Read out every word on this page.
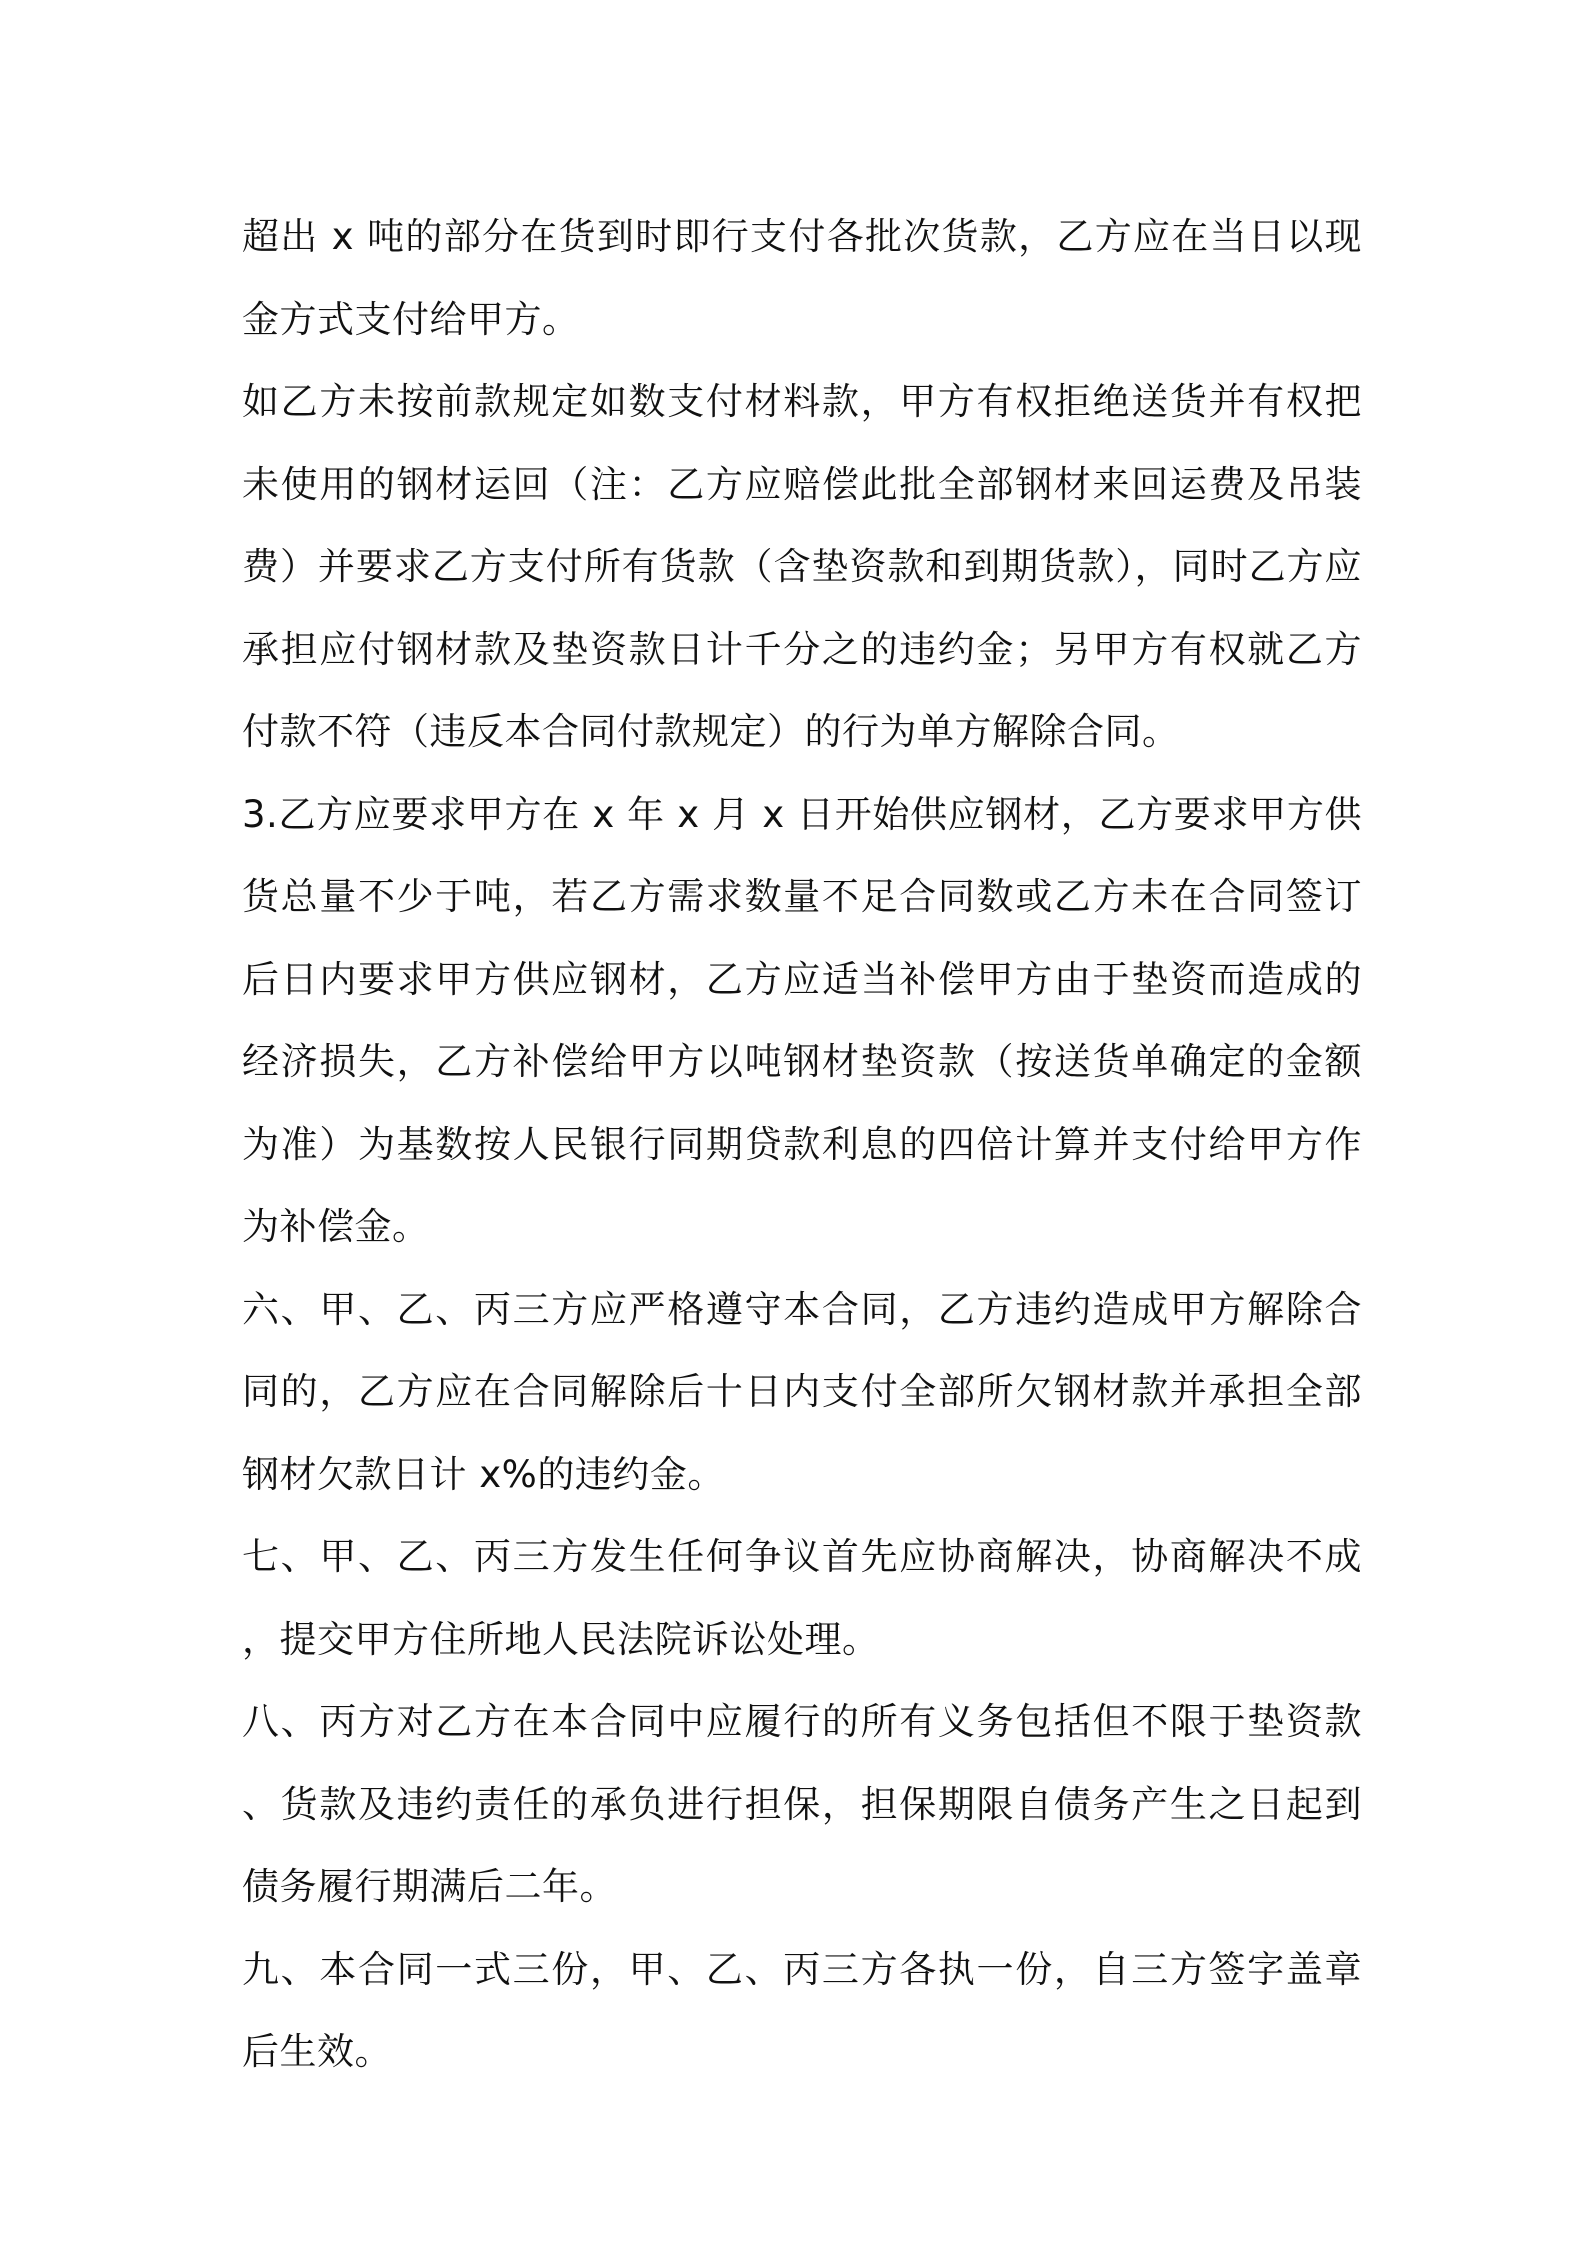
超出 x 吨的部分在货到时即行支付各批次货款，乙方应在当日以现金方式支付给甲方。

如乙方未按前款规定如数支付材料款，甲方有权拒绝送货并有权把未使用的钢材运回（注：乙方应赔偿此批全部钢材来回运费及吊装费）并要求乙方支付所有货款（含垫资款和到期货款），同时乙方应承担应付钢材款及垫资款日计千分之的违约金；另甲方有权就乙方付款不符（违反本合同付款规定）的行为单方解除合同。

3.乙方应要求甲方在 x 年 x 月 x 日开始供应钢材，乙方要求甲方供货总量不少于吨，若乙方需求数量不足合同数或乙方未在合同签订后日内要求甲方供应钢材，乙方应适当补偿甲方由于垫资而造成的经济损失，乙方补偿给甲方以吨钢材垫资款（按送货单确定的金额为准）为基数按人民银行同期贷款利息的四倍计算并支付给甲方作为补偿金。

六、甲、乙、丙三方应严格遵守本合同，乙方违约造成甲方解除合同的，乙方应在合同解除后十日内支付全部所欠钢材款并承担全部钢材欠款日计 x%的违约金。

七、甲、乙、丙三方发生任何争议首先应协商解决，协商解决不成，提交甲方住所地人民法院诉讼处理。

八、丙方对乙方在本合同中应履行的所有义务包括但不限于垫资款、货款及违约责任的承负进行担保，担保期限自债务产生之日起到债务履行期满后二年。

九、本合同一式三份，甲、乙、丙三方各执一份，自三方签字盖章后生效。
